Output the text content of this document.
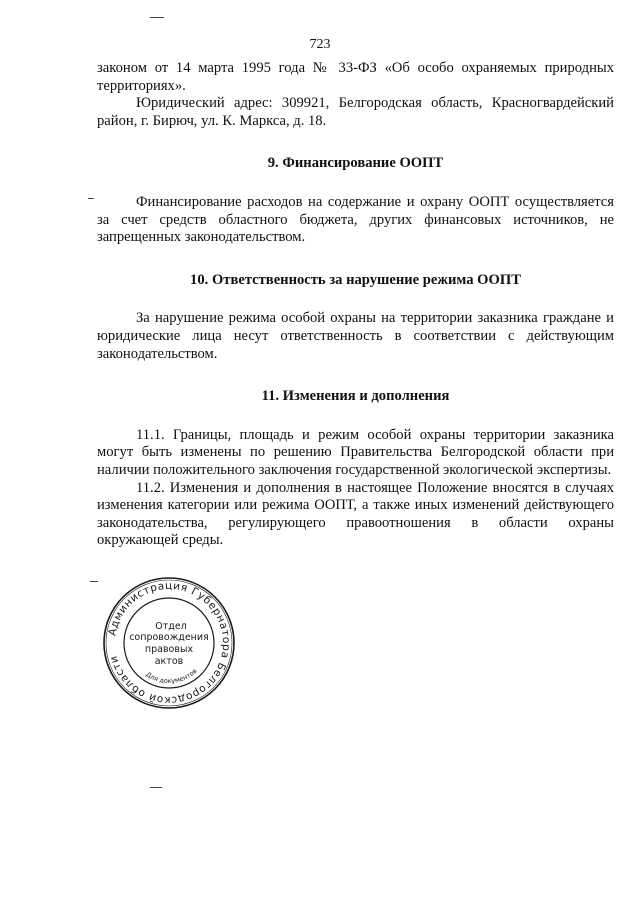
723

законом от 14 марта 1995 года № 33-ФЗ «Об особо охраняемых природных территориях».

Юридический адрес: 309921, Белгородская область, Красногвардейский район, г. Бирюч, ул. К. Маркса, д. 18.

9. Финансирование ООПТ

Финансирование расходов на содержание и охрану ООПТ осуществляется за счет средств областного бюджета, других финансовых источников, не запрещенных законодательством.

10. Ответственность за нарушение режима ООПТ

За нарушение режима особой охраны на территории заказника граждане и юридические лица несут ответственность в соответствии с действующим законодательством.

11. Изменения и дополнения

11.1. Границы, площадь и режим особой охраны территории заказника могут быть изменены по решению Правительства Белгородской области при наличии положительного заключения государственной экологической экспертизы.

11.2. Изменения и дополнения в настоящее Положение вносятся в случаях изменения категории или режима ООПТ, а также иных изменений действующего законодательства, регулирующего правоотношения в области охраны окружающей среды.

Администрация Губернатора Белгородской области
Для документов
Отдел
сопровождения
правовых
актов
